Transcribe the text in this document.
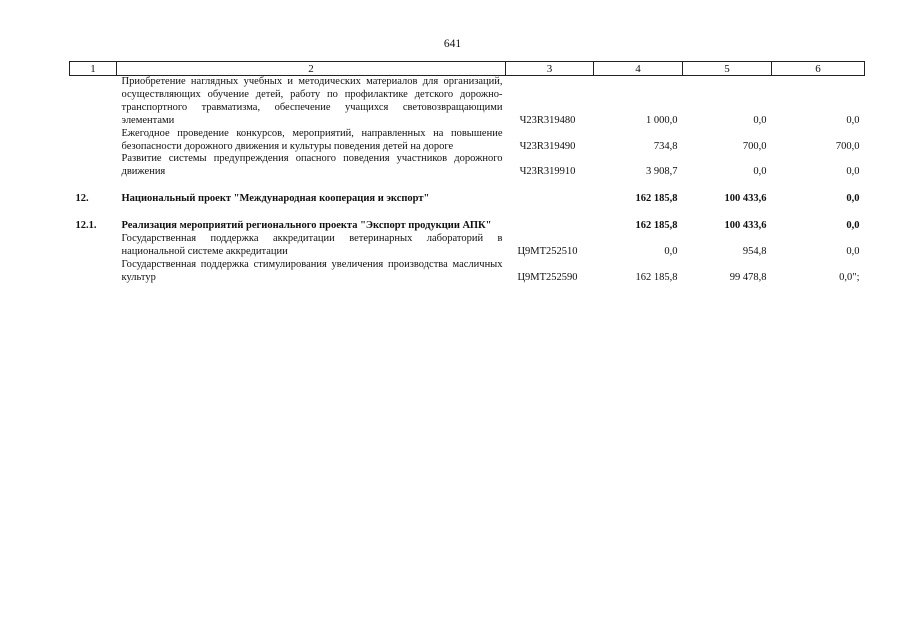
641
1	2	3	4	5	6
	Приобретение наглядных учебных и методических материалов для организаций, осуществляющих обучение детей, работу по профилактике детского дорожно-транспортного травматизма, обеспечение учащихся световозвращающими элементами	Ч23R319480	1 000,0	0,0	0,0
	Ежегодное проведение конкурсов, мероприятий, направленных на повышение безопасности дорожного движения и культуры поведения детей на дороге	Ч23R319490	734,8	700,0	700,0
	Развитие системы предупреждения опасного поведения участников дорожного движения	Ч23R319910	3 908,7	0,0	0,0

12.	Национальный проект "Международная кооперация и экспорт"		162 185,8	100 433,6	0,0

12.1.	Реализация мероприятий регионального проекта "Экспорт продукции АПК"		162 185,8	100 433,6	0,0
	Государственная поддержка аккредитации ветеринарных лабораторий в национальной системе аккредитации	Ц9МТ252510	0,0	954,8	0,0
	Государственная поддержка стимулирования увеличения производства масличных культур	Ц9МТ252590	162 185,8	99 478,8	0,0";
